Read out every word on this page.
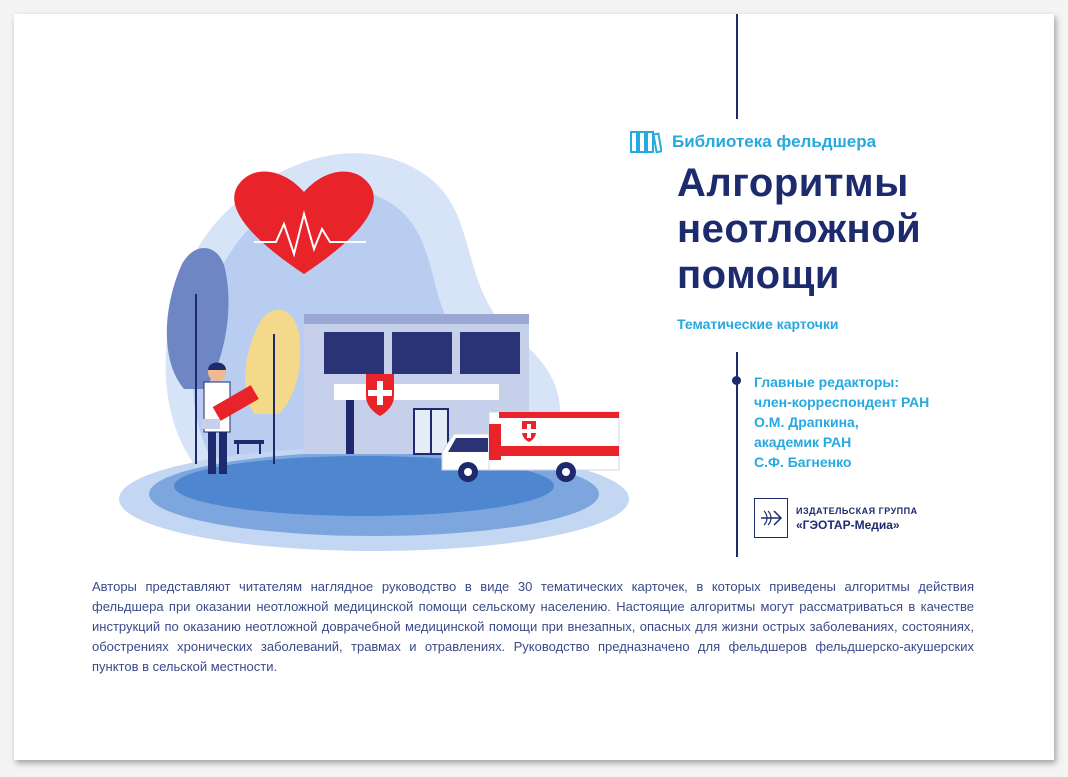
Библиотека фельдшера
Алгоритмы
неотложной
помощи
Тематические карточки
Главные редакторы:
член-корреспондент РАН
О.М. Драпкина,
академик РАН
С.Ф. Багненко
ИЗДАТЕЛЬСКАЯ ГРУППА
«ГЭОТАР-Медиа»

Авторы представляют читателям наглядное руководство в виде 30 тематических карточек, в которых приведены алгоритмы действия фельдшера при оказании неотложной медицинской помощи сельскому населению. Настоящие алгоритмы могут рассматриваться в качестве инструкций по оказанию неотложной доврачебной медицинской помощи при внезапных, опасных для жизни острых заболеваниях, состояниях, обострениях хронических заболеваний, травмах и отравлениях. Руководство предназначено для фельдшеров фельдшерско-акушерских пунктов в сельской местности.
